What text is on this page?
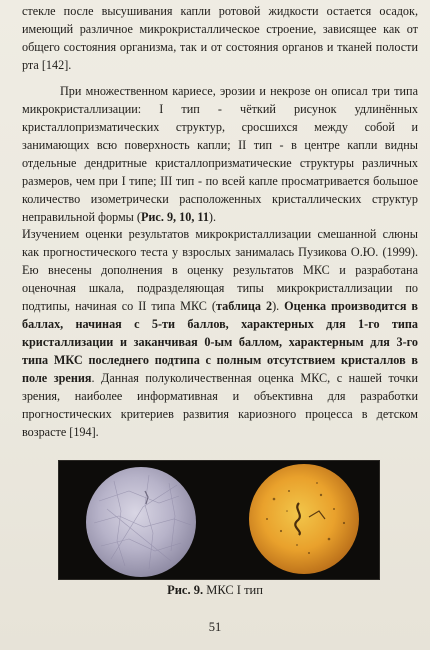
стекле после высушивания капли ротовой жидкости остается осадок, имеющий различное микрокристаллическое строение, зависящее как от общего состояния организма, так и от состояния органов и тканей полости рта [142].

При множественном кариесе, эрозии и некрозе он описал три типа микрокристаллизации: I тип - чёткий рисунок удлинённых кристаллопризматических структур, сросшихся между собой и занимающих всю поверхность капли; II тип - в центре капли видны отдельные дендритные кристаллопризматические структуры различных размеров, чем при I типе; III тип - по всей капле просматривается большое количество изометрически расположенных кристаллических структур неправильной формы (Рис. 9, 10, 11).

Изучением оценки результатов микрокристаллизации смешанной слюны как прогностического теста у взрослых занималась Пузикова О.Ю. (1999). Ею внесены дополнения в оценку результатов МКС и разработана оценочная шкала, подразделяющая типы микрокристаллизации по подтипы, начиная со II типа МКС (таблица 2). Оценка производится в баллах, начиная с 5-ти баллов, характерных для 1-го типа кристаллизации и заканчивая 0-ым баллом, характерным для 3-го типа МКС последнего подтипа с полным отсутствием кристаллов в поле зрения. Данная полуколичественная оценка МКС, с нашей точки зрения, наиболее информативная и объективна для разработки прогностических критериев развития кариозного процесса в детском возрасте [194].

Рис. 9. МКС I тип
51
